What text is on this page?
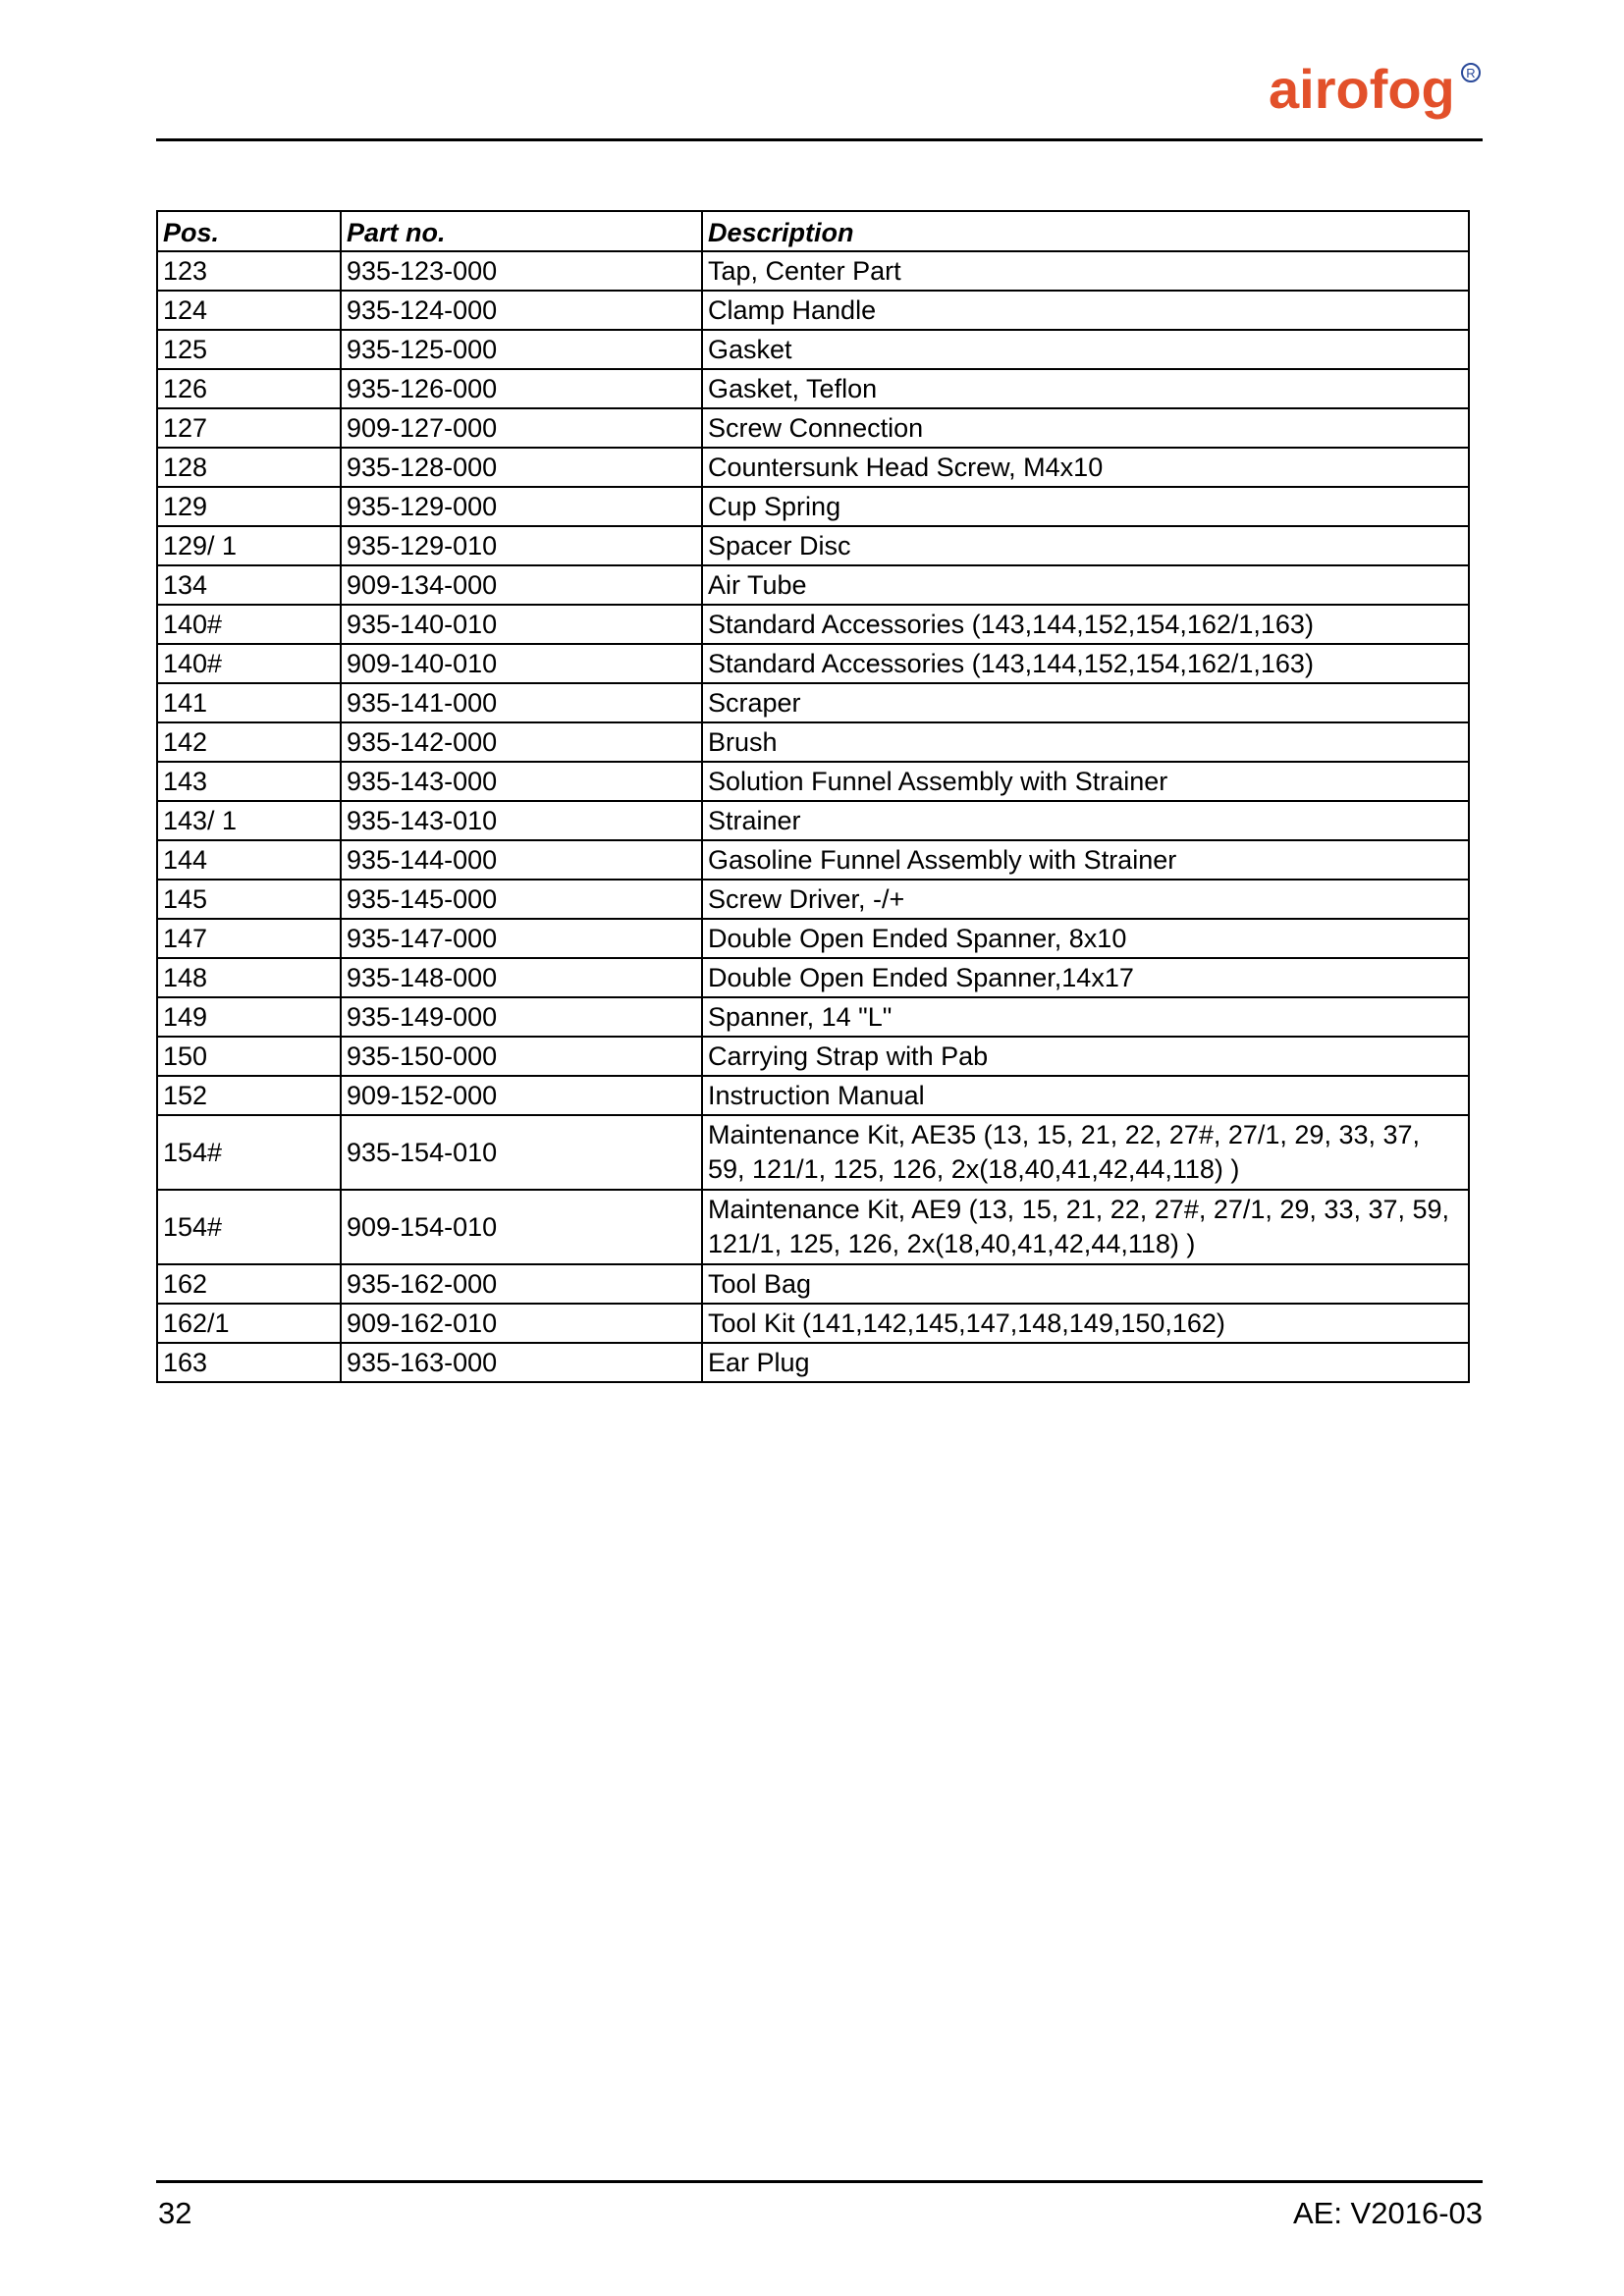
airofog R
Pos.	Part no.	Description
123	935-123-000	Tap, Center Part
124	935-124-000	Clamp Handle
125	935-125-000	Gasket
126	935-126-000	Gasket, Teflon
127	909-127-000	Screw Connection
128	935-128-000	Countersunk Head Screw, M4x10
129	935-129-000	Cup Spring
129/ 1	935-129-010	Spacer Disc
134	909-134-000	Air Tube
140#	935-140-010	Standard Accessories (143,144,152,154,162/1,163)
140#	909-140-010	Standard Accessories (143,144,152,154,162/1,163)
141	935-141-000	Scraper
142	935-142-000	Brush
143	935-143-000	Solution Funnel Assembly with Strainer
143/ 1	935-143-010	Strainer
144	935-144-000	Gasoline Funnel Assembly with Strainer
145	935-145-000	Screw Driver, -/+
147	935-147-000	Double Open Ended Spanner, 8x10
148	935-148-000	Double Open Ended Spanner,14x17
149	935-149-000	Spanner, 14 "L"
150	935-150-000	Carrying Strap with Pab
152	909-152-000	Instruction Manual
154#	935-154-010	Maintenance Kit, AE35 (13, 15, 21, 22, 27#, 27/1, 29, 33, 37, 59, 121/1, 125, 126, 2x(18,40,41,42,44,118) )
154#	909-154-010	Maintenance Kit, AE9 (13, 15, 21, 22, 27#, 27/1, 29, 33, 37, 59, 121/1, 125, 126, 2x(18,40,41,42,44,118) )
162	935-162-000	Tool Bag
162/1	909-162-010	Tool Kit (141,142,145,147,148,149,150,162)
163	935-163-000	Ear Plug
32	AE: V2016-03
